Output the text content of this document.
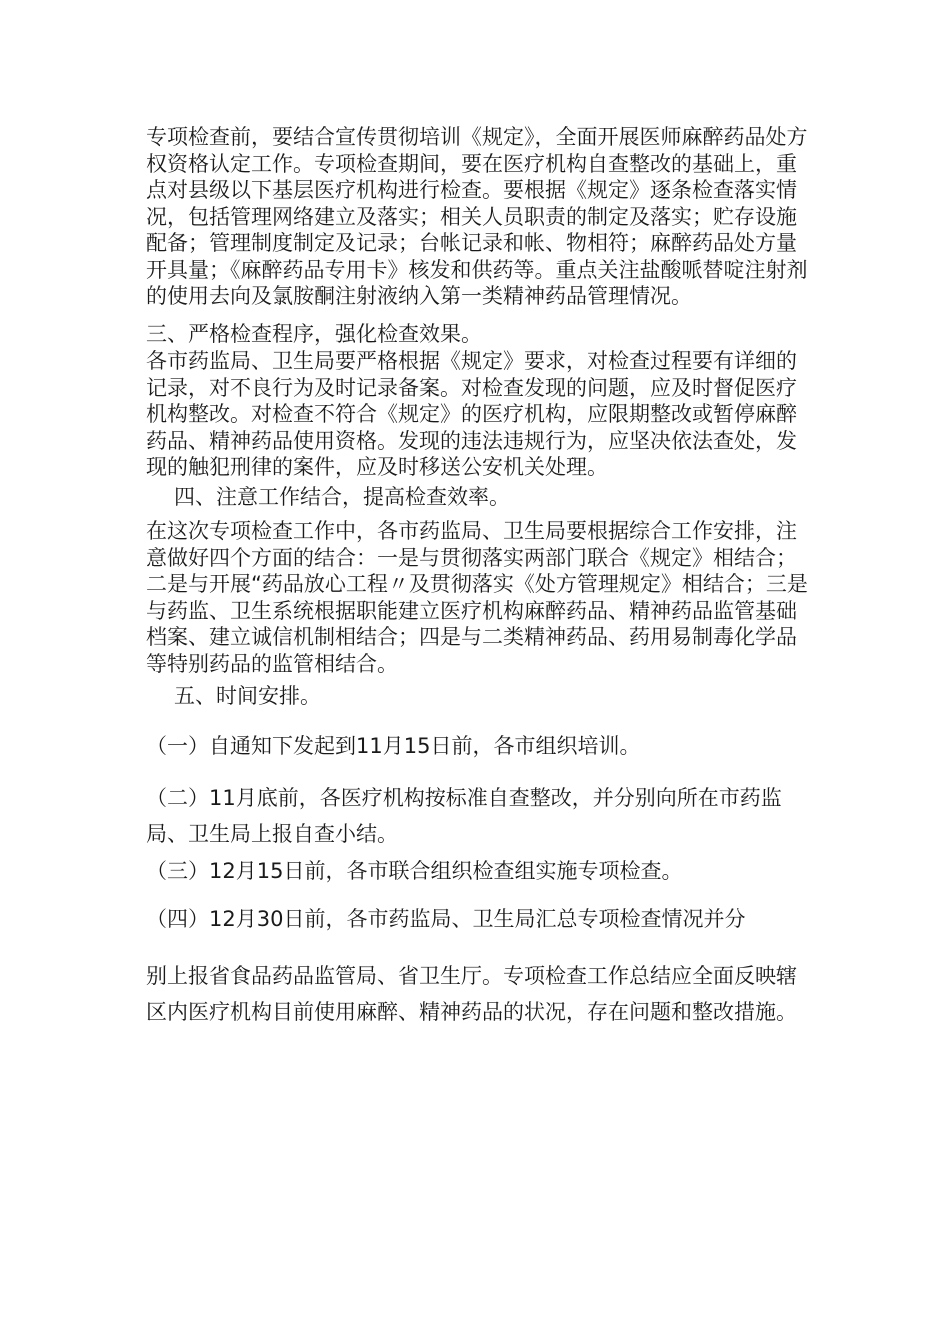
专项检查前，要结合宣传贯彻培训《规定》，全面开展医师麻醉药品处方权资格认定工作。专项检查期间，要在医疗机构自查整改的基础上，重点对县级以下基层医疗机构进行检查。要根据《规定》逐条检查落实情况，包括管理网络建立及落实；相关人员职责的制定及落实；贮存设施配备；管理制度制定及记录；台帐记录和帐、物相符；麻醉药品处方量开具量；《麻醉药品专用卡》核发和供药等。重点关注盐酸哌替啶注射剂的使用去向及氯胺酮注射液纳入第一类精神药品管理情况。

三、严格检查程序，强化检查效果。

各市药监局、卫生局要严格根据《规定》要求，对检查过程要有详细的记录，对不良行为及时记录备案。对检查发现的问题，应及时督促医疗机构整改。对检查不符合《规定》的医疗机构，应限期整改或暂停麻醉药品、精神药品使用资格。发现的违法违规行为，应坚决依法查处，发现的触犯刑律的案件，应及时移送公安机关处理。

四、注意工作结合，提高检查效率。

在这次专项检查工作中，各市药监局、卫生局要根据综合工作安排，注意做好四个方面的结合：一是与贯彻落实两部门联合《规定》相结合；二是与开展“药品放心工程〃及贯彻落实《处方管理规定》相结合；三是与药监、卫生系统根据职能建立医疗机构麻醉药品、精神药品监管基础档案、建立诚信机制相结合；四是与二类精神药品、药用易制毒化学品等特别药品的监管相结合。

五、时间安排。

（一）自通知下发起到11月15日前，各市组织培训。

（二）11月底前，各医疗机构按标准自查整改，并分别向所在市药监局、卫生局上报自查小结。

（三）12月15日前，各市联合组织检查组实施专项检查。

（四）12月30日前，各市药监局、卫生局汇总专项检查情况并分

别上报省食品药品监管局、省卫生厅。专项检查工作总结应全面反映辖区内医疗机构目前使用麻醉、精神药品的状况，存在问题和整改措施。
